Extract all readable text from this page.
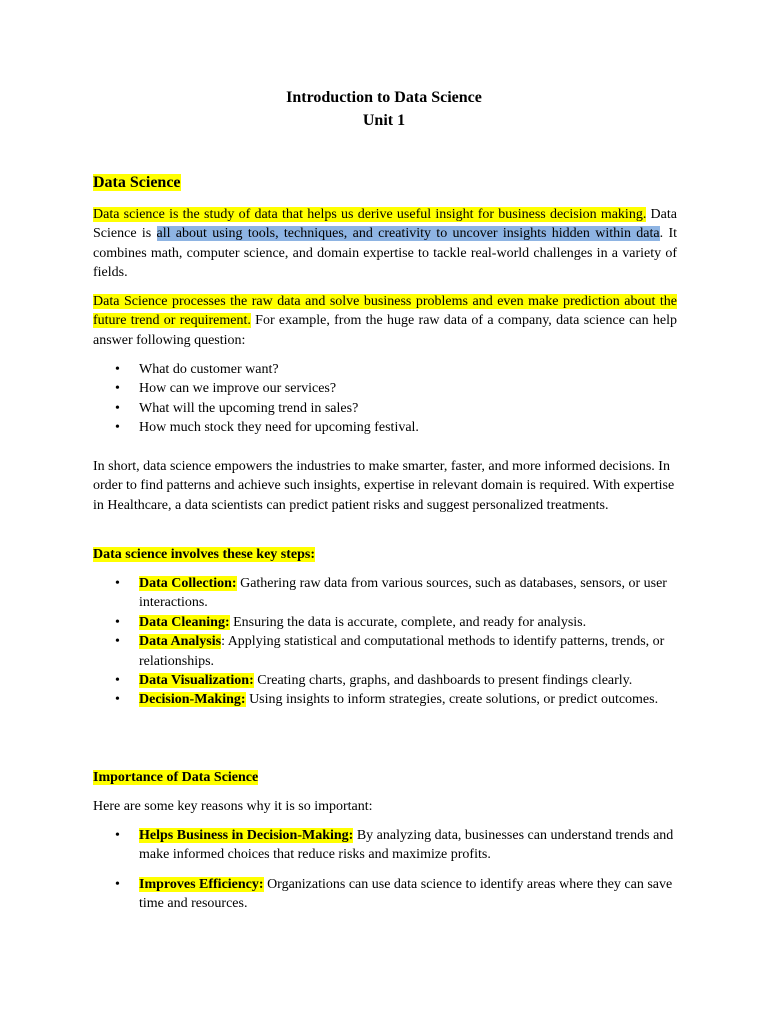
Introduction to Data Science

Unit 1

Data Science

Data science is the study of data that helps us derive useful insight for business decision making. Data Science is all about using tools, techniques, and creativity to uncover insights hidden within data. It combines math, computer science, and domain expertise to tackle real-world challenges in a variety of fields.

Data Science processes the raw data and solve business problems and even make prediction about the future trend or requirement. For example, from the huge raw data of a company, data science can help answer following question:

• What do customer want?
• How can we improve our services?
• What will the upcoming trend in sales?
• How much stock they need for upcoming festival.

In short, data science empowers the industries to make smarter, faster, and more informed decisions. In order to find patterns and achieve such insights, expertise in relevant domain is required. With expertise in Healthcare, a data scientists can predict patient risks and suggest personalized treatments.

Data science involves these key steps:

• Data Collection: Gathering raw data from various sources, such as databases, sensors, or user interactions.
• Data Cleaning: Ensuring the data is accurate, complete, and ready for analysis.
• Data Analysis: Applying statistical and computational methods to identify patterns, trends, or relationships.
• Data Visualization: Creating charts, graphs, and dashboards to present findings clearly.
• Decision-Making: Using insights to inform strategies, create solutions, or predict outcomes.

Importance of Data Science

Here are some key reasons why it is so important:

• Helps Business in Decision-Making: By analyzing data, businesses can understand trends and make informed choices that reduce risks and maximize profits.
• Improves Efficiency: Organizations can use data science to identify areas where they can save time and resources.
